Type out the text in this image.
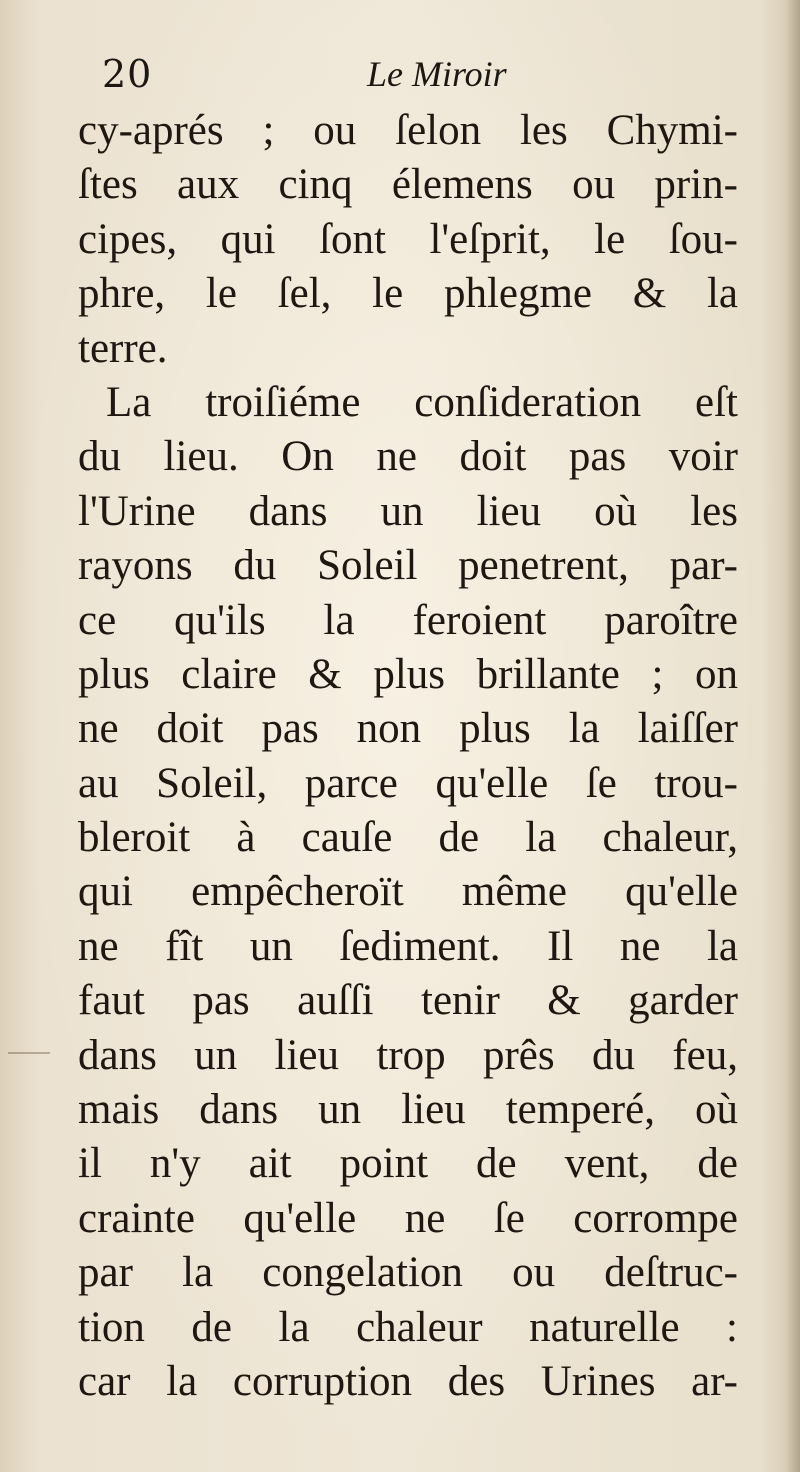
20	Le Miroir
cy-aprés ; ou ſelon les Chymi-
ſtes aux cinq élemens ou prin-
cipes, qui ſont l'eſprit, le ſou-
phre, le ſel, le phlegme & la
terre.
La troiſiéme conſideration eſt
du lieu. On ne doit pas voir
l'Urine dans un lieu où les
rayons du Soleil penetrent, par-
ce qu'ils la feroient paroître
plus claire & plus brillante ; on
ne doit pas non plus la laiſſer
au Soleil, parce qu'elle ſe trou-
bleroit à cauſe de la chaleur,
qui empêcheroït même qu'elle
ne fît un ſediment. Il ne la
faut pas auſſi tenir & garder
dans un lieu trop prês du feu,
mais dans un lieu temperé, où
il n'y ait point de vent, de
crainte qu'elle ne ſe corrompe
par la congelation ou deſtruc-
tion de la chaleur naturelle :
car la corruption des Urines ar-
